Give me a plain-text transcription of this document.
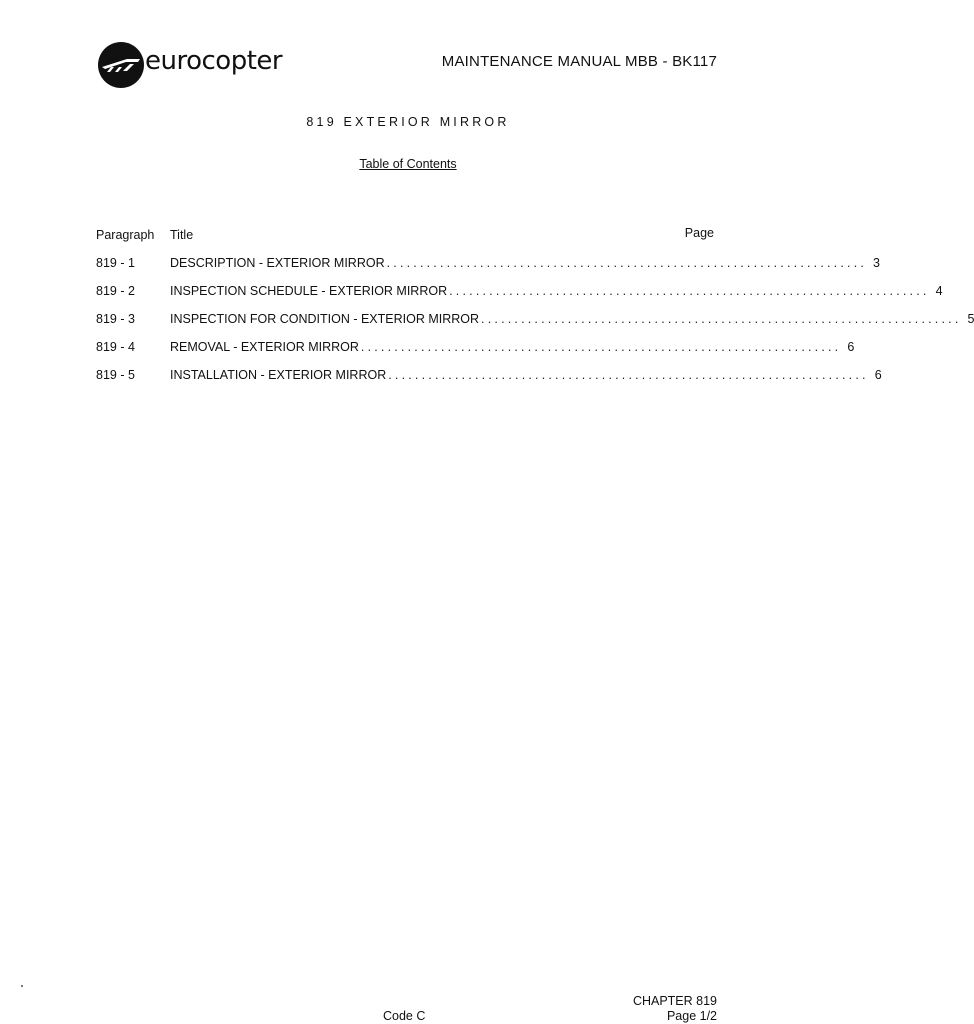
eurocopter	MAINTENANCE MANUAL MBB - BK117
819 EXTERIOR MIRROR
Table of Contents
Paragraph Title	Page
819 - 1	DESCRIPTION - EXTERIOR MIRROR ........................................................................ 3
819 - 2	INSPECTION SCHEDULE - EXTERIOR MIRROR ........................................................................ 4
819 - 3	INSPECTION FOR CONDITION - EXTERIOR MIRROR ........................................................................ 5
819 - 4	REMOVAL - EXTERIOR MIRROR ........................................................................ 6
819 - 5	INSTALLATION - EXTERIOR MIRROR ........................................................................ 6
Code C
CHAPTER 819
Page 1/2
